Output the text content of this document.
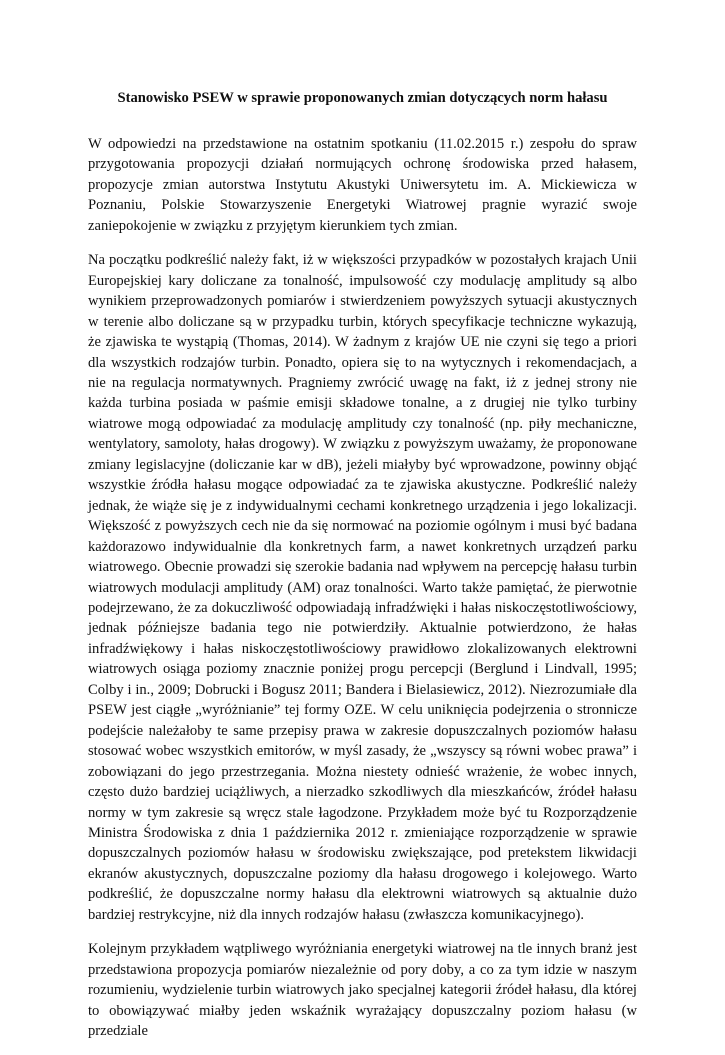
Stanowisko PSEW w sprawie proponowanych zmian dotyczących norm hałasu

W odpowiedzi na przedstawione na ostatnim spotkaniu (11.02.2015 r.) zespołu do spraw przygotowania propozycji działań normujących ochronę środowiska przed hałasem, propozycje zmian autorstwa Instytutu Akustyki Uniwersytetu im. A. Mickiewicza w Poznaniu, Polskie Stowarzyszenie Energetyki Wiatrowej pragnie wyrazić swoje zaniepokojenie w związku z przyjętym kierunkiem tych zmian.

Na początku podkreślić należy fakt, iż w większości przypadków w pozostałych krajach Unii Europejskiej kary doliczane za tonalność, impulsowość czy modulację amplitudy są albo wynikiem przeprowadzonych pomiarów i stwierdzeniem powyższych sytuacji akustycznych w terenie albo doliczane są w przypadku turbin, których specyfikacje techniczne wykazują, że zjawiska te wystąpią (Thomas, 2014). W żadnym z krajów UE nie czyni się tego a priori dla wszystkich rodzajów turbin. Ponadto, opiera się to na wytycznych i rekomendacjach, a nie na regulacja normatywnych. Pragniemy zwrócić uwagę na fakt, iż z jednej strony nie każda turbina posiada w paśmie emisji składowe tonalne, a z drugiej nie tylko turbiny wiatrowe mogą odpowiadać za modulację amplitudy czy tonalność (np. piły mechaniczne, wentylatory, samoloty, hałas drogowy). W związku z powyższym uważamy, że proponowane zmiany legislacyjne (doliczanie kar w dB), jeżeli miałyby być wprowadzone, powinny objąć wszystkie źródła hałasu mogące odpowiadać za te zjawiska akustyczne. Podkreślić należy jednak, że wiąże się je z indywidualnymi cechami konkretnego urządzenia i jego lokalizacji. Większość z powyższych cech nie da się normować na poziomie ogólnym i musi być badana każdorazowo indywidualnie dla konkretnych farm, a nawet konkretnych urządzeń parku wiatrowego. Obecnie prowadzi się szerokie badania nad wpływem na percepcję hałasu turbin wiatrowych modulacji amplitudy (AM) oraz tonalności. Warto także pamiętać, że pierwotnie podejrzewano, że za dokuczliwość odpowiadają infradźwięki i hałas niskoczęstotliwościowy, jednak późniejsze badania tego nie potwierdziły. Aktualnie potwierdzono, że hałas infradźwiękowy i hałas niskoczęstotliwościowy prawidłowo zlokalizowanych elektrowni wiatrowych osiąga poziomy znacznie poniżej progu percepcji (Berglund i Lindvall, 1995; Colby i in., 2009; Dobrucki i Bogusz 2011; Bandera i Bielasiewicz, 2012). Niezrozumiałe dla PSEW jest ciągłe „wyróżnianie” tej formy OZE. W celu uniknięcia podejrzenia o stronnicze podejście należałoby te same przepisy prawa w zakresie dopuszczalnych poziomów hałasu stosować wobec wszystkich emitorów, w myśl zasady, że „wszyscy są równi wobec prawa” i zobowiązani do jego przestrzegania. Można niestety odnieść wrażenie, że wobec innych, często dużo bardziej uciążliwych, a nierzadko szkodliwych dla mieszkańców, źródeł hałasu normy w tym zakresie są wręcz stale łagodzone. Przykładem może być tu Rozporządzenie Ministra Środowiska z dnia 1 października 2012 r. zmieniające rozporządzenie w sprawie dopuszczalnych poziomów hałasu w środowisku zwiększające, pod pretekstem likwidacji ekranów akustycznych, dopuszczalne poziomy dla hałasu drogowego i kolejowego. Warto podkreślić, że dopuszczalne normy hałasu dla elektrowni wiatrowych są aktualnie dużo bardziej restrykcyjne, niż dla innych rodzajów hałasu (zwłaszcza komunikacyjnego).

Kolejnym przykładem wątpliwego wyróżniania energetyki wiatrowej na tle innych branż jest przedstawiona propozycja pomiarów niezależnie od pory doby, a co za tym idzie w naszym rozumieniu, wydzielenie turbin wiatrowych jako specjalnej kategorii źródeł hałasu, dla której to obowiązywać miałby jeden wskaźnik wyrażający dopuszczalny poziom hałasu (w przedziale
